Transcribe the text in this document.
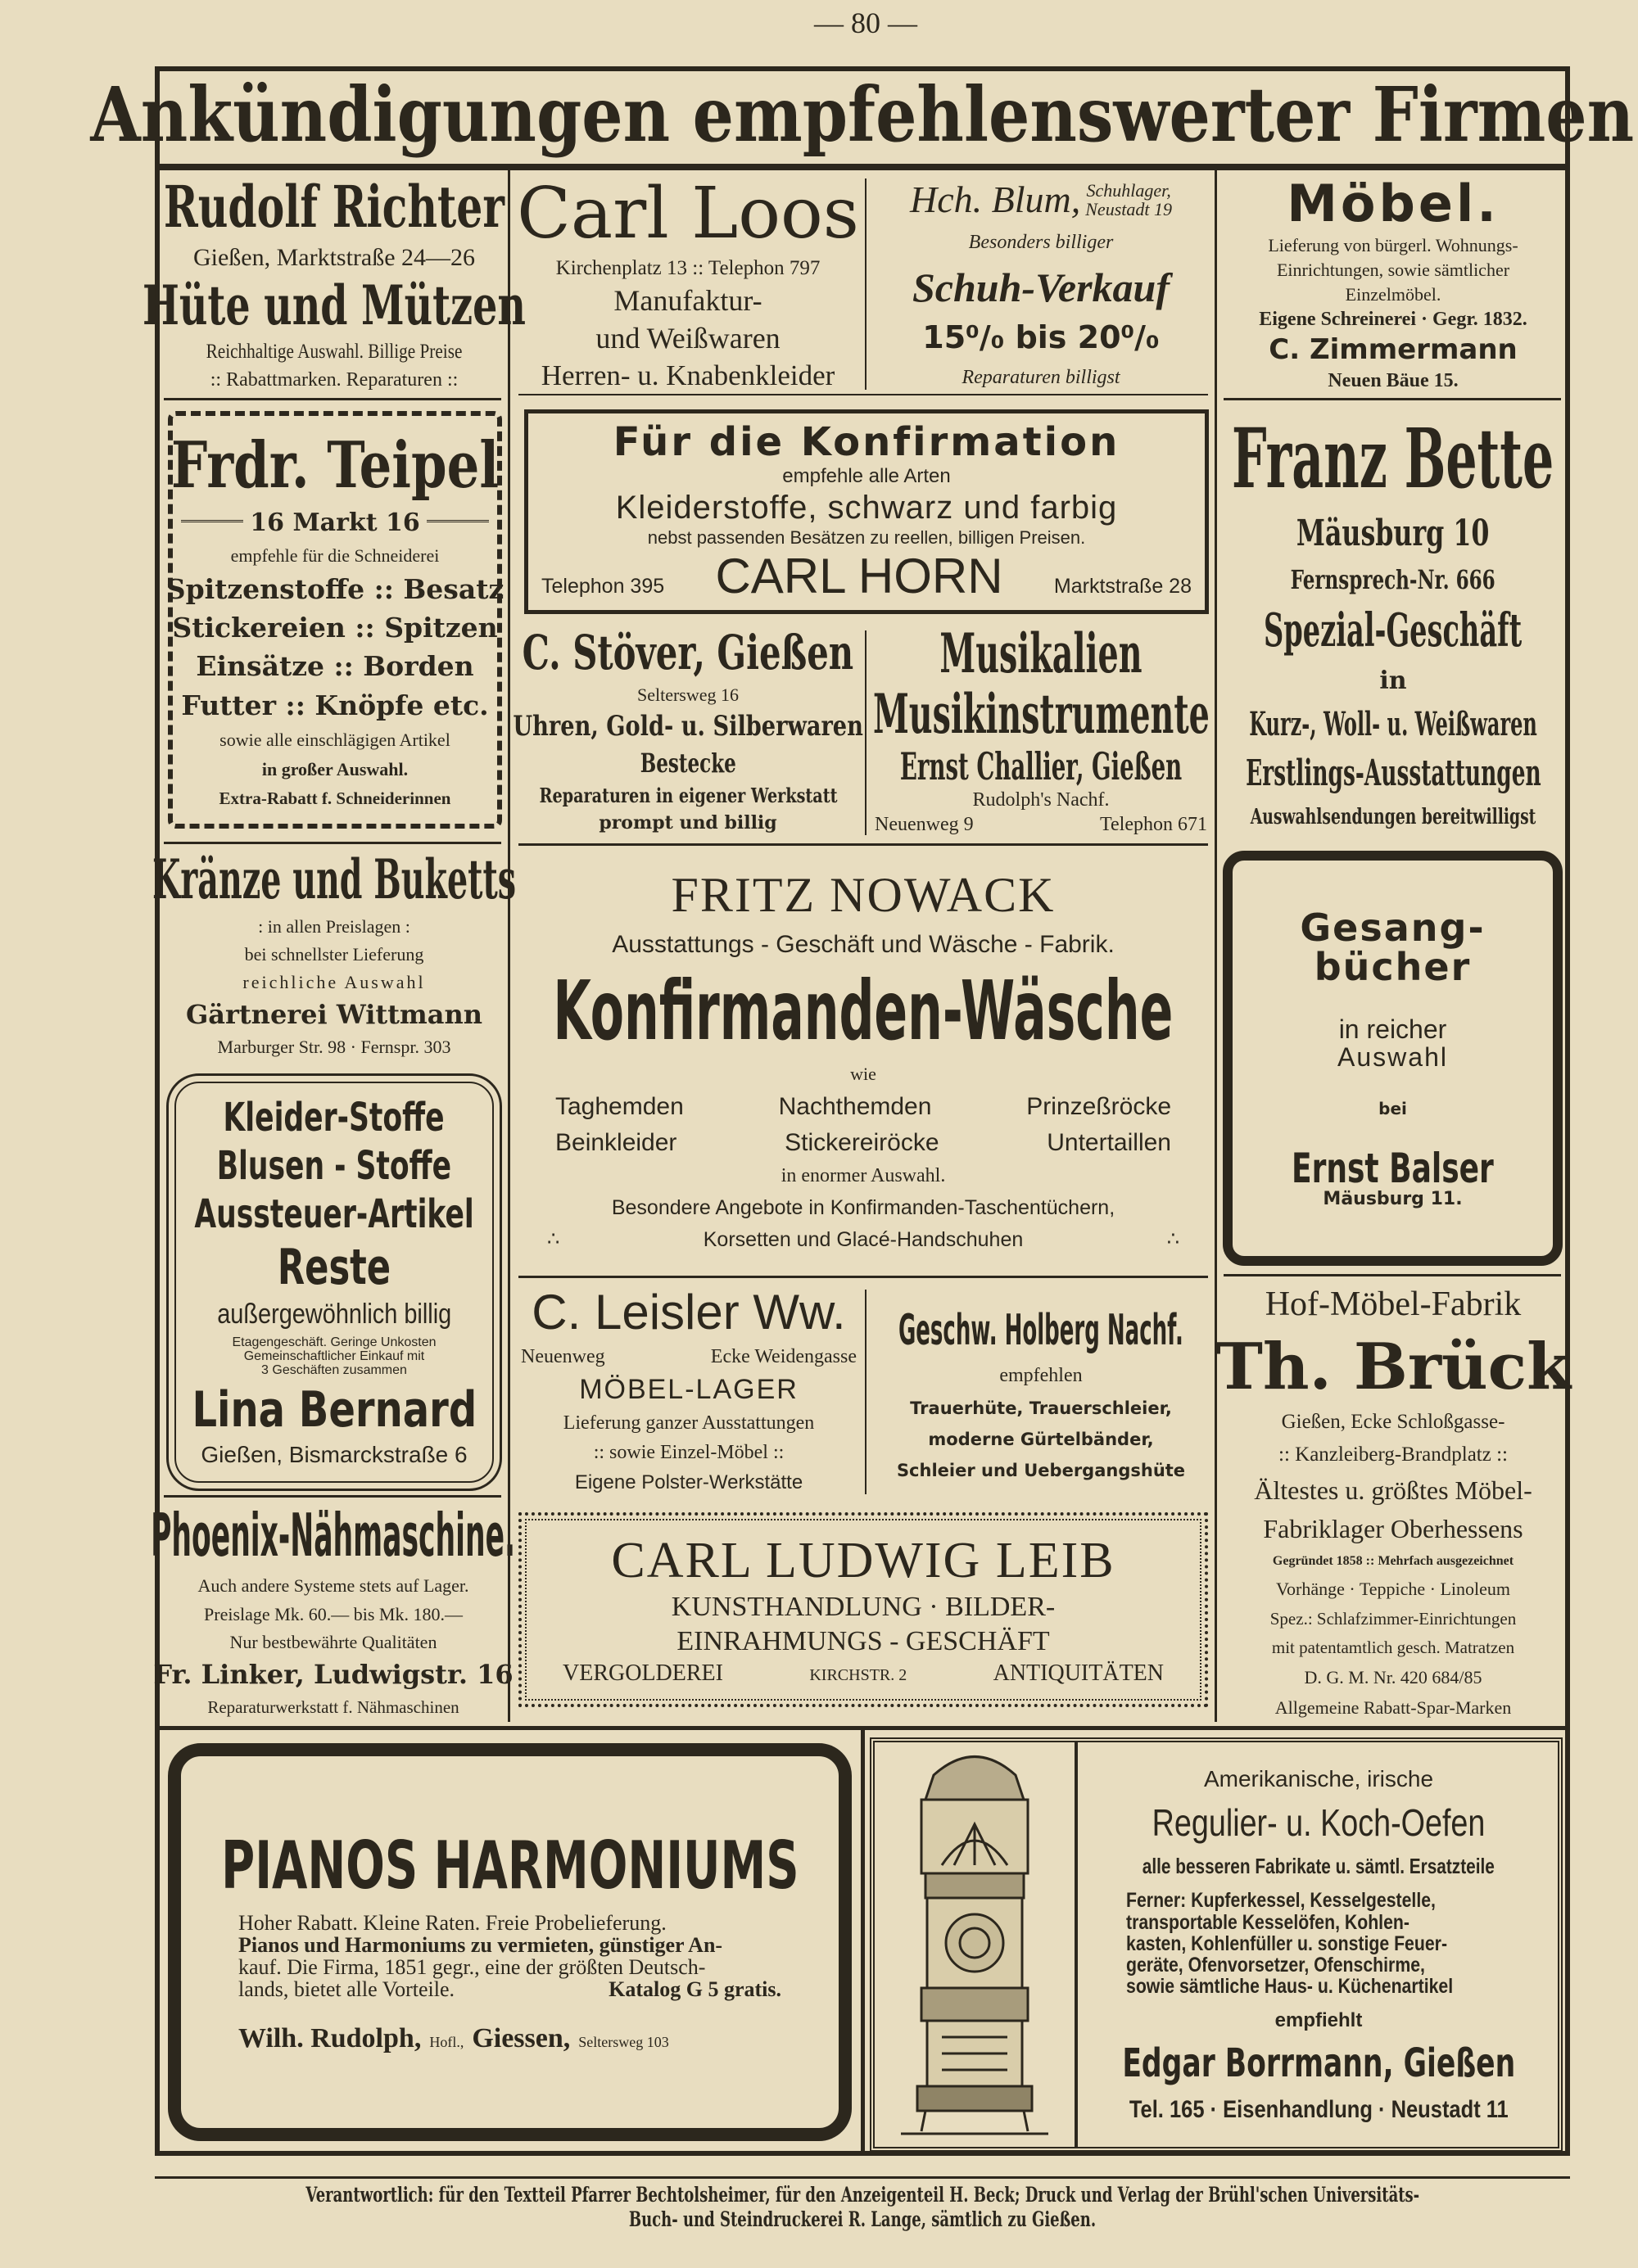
— 80 —
Ankündigungen empfehlenswerter Firmen
Rudolf Richter
Gießen, Marktstraße 24—26
Hüte und Mützen
Reichhaltige Auswahl. Billige Preise
:: Rabattmarken. Reparaturen ::
Carl Loos
Kirchenplatz 13 :: Telephon 797
Manufaktur-
und Weißwaren
Herren- u. Knabenkleider
Hch. Blum, Schuhlager,
Neustadt 19
Besonders billiger
Schuh-Verkauf
15⁰/₀ bis 20⁰/₀
Reparaturen billigst
Möbel.
Lieferung von bürgerl. Wohnungs-
Einrichtungen, sowie sämtlicher
Einzelmöbel.
Eigene Schreinerei · Gegr. 1832.
C. Zimmermann
Neuen Bäue 15.
Frdr. Teipel
16 Markt 16
empfehle für die Schneiderei
Spitzenstoffe :: Besatz
Stickereien :: Spitzen
Einsätze :: Borden
Futter :: Knöpfe etc.
sowie alle einschlägigen Artikel
in großer Auswahl.
Extra-Rabatt f. Schneiderinnen
Für die Konfirmation
empfehle alle Arten
Kleiderstoffe, schwarz und farbig
nebst passenden Besätzen zu reellen, billigen Preisen.
Telephon 395 CARL HORN Marktstraße 28
Franz Bette
Mäusburg 10
Fernsprech-Nr. 666
Spezial-Geschäft
in
Kurz-, Woll- u. Weißwaren
Erstlings-Ausstattungen
Auswahlsendungen bereitwilligst
C. Stöver, Gießen
Seltersweg 16
Uhren, Gold- u. Silberwaren
Bestecke
Reparaturen in eigener Werkstatt
prompt und billig
Musikalien
Musikinstrumente
Ernst Challier, Gießen
Rudolph's Nachf.
Neuenweg 9	Telephon 671
Kränze und Buketts
: in allen Preislagen :
bei schnellster Lieferung
reichliche Auswahl
Gärtnerei Wittmann
Marburger Str. 98 · Fernspr. 303
FRITZ NOWACK
Ausstattungs - Geschäft und Wäsche - Fabrik.
Konfirmanden-Wäsche
wie
Taghemden	Nachthemden	Prinzeßröcke
Beinkleider	Stickereiröcke	Untertaillen
in enormer Auswahl.
Besondere Angebote in Konfirmanden-Taschentüchern,
∴	Korsetten und Glacé-Handschuhen	∴
Gesang-
bücher
in reicher
Auswahl
bei
Ernst Balser
Mäusburg 11.
Kleider-Stoffe
Blusen - Stoffe
Aussteuer-Artikel
Reste
außergewöhnlich billig
Etagengeschäft. Geringe Unkosten
Gemeinschaftlicher Einkauf mit
3 Geschäften zusammen
Lina Bernard
Gießen, Bismarckstraße 6
C. Leisler Ww.
Neuenweg	Ecke Weidengasse
MÖBEL-LAGER
Lieferung ganzer Ausstattungen
:: sowie Einzel-Möbel ::
Eigene Polster-Werkstätte
Geschw. Holberg Nachf.
empfehlen
Trauerhüte, Trauerschleier,
moderne Gürtelbänder,
Schleier und Uebergangshüte
Hof-Möbel-Fabrik
Th. Brück
Gießen, Ecke Schloßgasse-
:: Kanzleiberg-Brandplatz ::
Ältestes u. größtes Möbel-
Fabriklager Oberhessens
Gegründet 1858 :: Mehrfach ausgezeichnet
Vorhänge · Teppiche · Linoleum
Spez.: Schlafzimmer-Einrichtungen
mit patentamtlich gesch. Matratzen
D. G. M. Nr. 420 684/85
Allgemeine Rabatt-Spar-Marken
Phoenix-Nähmaschine.
Auch andere Systeme stets auf Lager.
Preislage Mk. 60.— bis Mk. 180.—
Nur bestbewährte Qualitäten
Fr. Linker, Ludwigstr. 16
Reparaturwerkstatt f. Nähmaschinen
CARL LUDWIG LEIB
KUNSTHANDLUNG · BILDER-
EINRAHMUNGS - GESCHÄFT
VERGOLDEREI	KIRCHSTR. 2	ANTIQUITÄTEN
PIANOS HARMONIUMS
Hoher Rabatt. Kleine Raten. Freie Probelieferung.
Pianos und Harmoniums zu vermieten, günstiger An-
kauf. Die Firma, 1851 gegr., eine der größten Deutsch-
lands, bietet alle Vorteile.	Katalog G 5 gratis.
Wilh. Rudolph, Hofl., Giessen, Seltersweg 103
Amerikanische, irische
Regulier- u. Koch-Oefen
alle besseren Fabrikate u. sämtl. Ersatzteile
Ferner: Kupferkessel, Kesselgestelle,
transportable Kesselöfen, Kohlen-
kasten, Kohlenfüller u. sonstige Feuer-
geräte, Ofenvorsetzer, Ofenschirme,
sowie sämtliche Haus- u. Küchenartikel
empfiehlt
Edgar Borrmann, Gießen
Tel. 165 · Eisenhandlung · Neustadt 11
Verantwortlich: für den Textteil Pfarrer Bechtolsheimer, für den Anzeigenteil H. Beck; Druck und Verlag der Brühl'schen Universitäts-
Buch- und Steindruckerei R. Lange, sämtlich zu Gießen.
